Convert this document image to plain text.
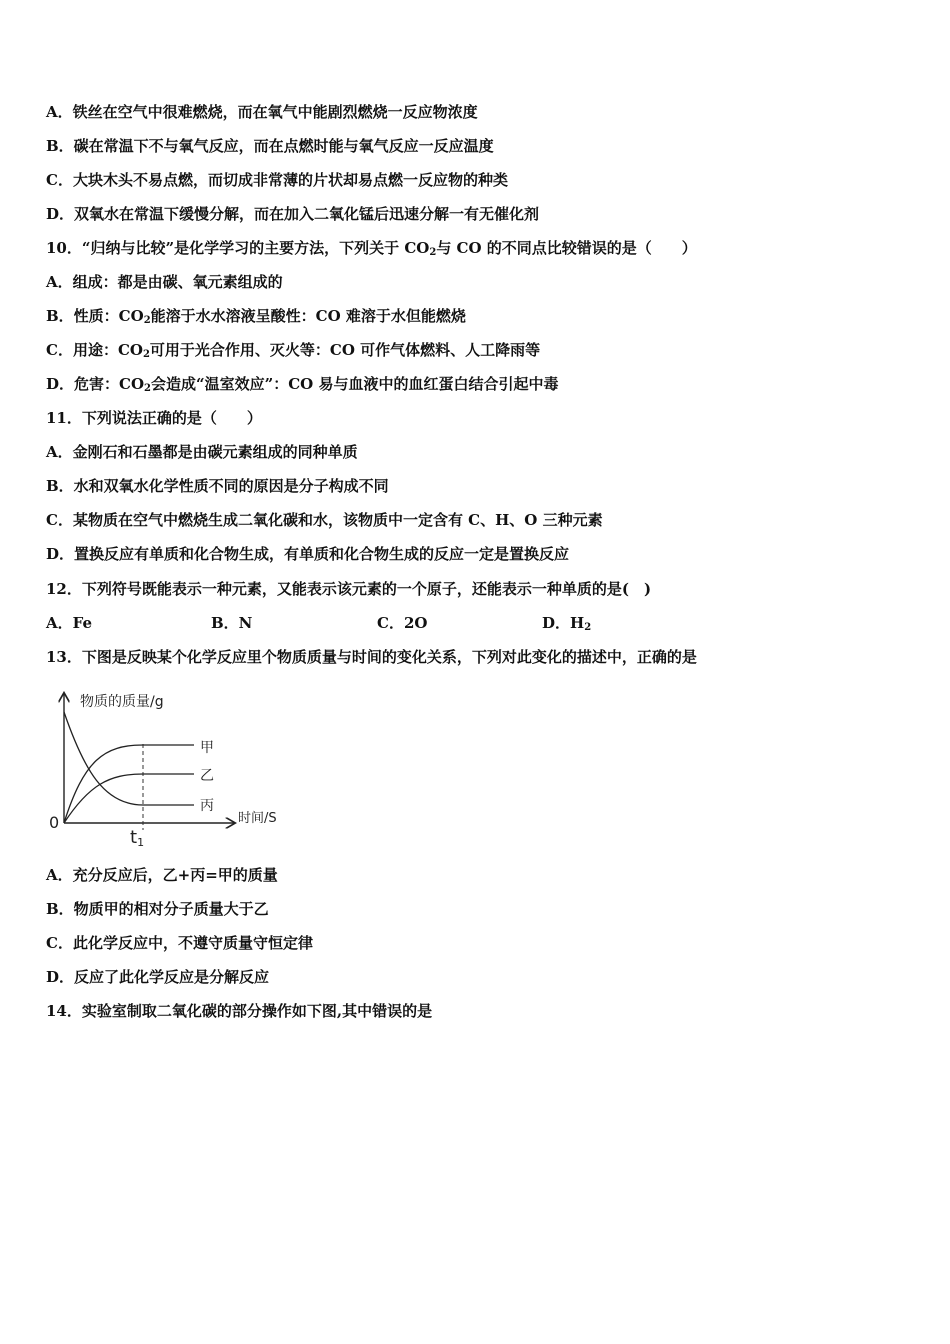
A．铁丝在空气中很难燃烧，而在氧气中能剧烈燃烧一反应物浓度
B．碳在常温下不与氧气反应，而在点燃时能与氧气反应一反应温度
C．大块木头不易点燃，而切成非常薄的片状却易点燃一反应物的种类
D．双氧水在常温下缓慢分解，而在加入二氧化锰后迅速分解一有无催化剂
10．“归纳与比较”是化学学习的主要方法，下列关于 $CO_2$与 CO 的不同点比较错误的是（　　）
A．组成：都是由碳、氧元素组成的
B．性质：$CO_2$能溶于水水溶液呈酸性：CO 难溶于水但能燃烧
C．用途：$CO_2$可用于光合作用、灭火等：CO 可作气体燃料、人工降雨等
D．危害：$CO_2$会造成“温室效应”：CO 易与血液中的血红蛋白结合引起中毒
11．下列说法正确的是（　　）
A．金刚石和石墨都是由碳元素组成的同种单质
B．水和双氧水化学性质不同的原因是分子构成不同
C．某物质在空气中燃烧生成二氧化碳和水，该物质中一定含有 C、H、O 三种元素
D．置换反应有单质和化合物生成，有单质和化合物生成的反应一定是置换反应
12．下列符号既能表示一种元素，又能表示该元素的一个原子，还能表示一种单质的是(　)
A．Fe	B．N	C．2O	D．$H_2$
13．下图是反映某个化学反应里个物质质量与时间的变化关系，下列对此变化的描述中，正确的是
物质的质量/g
时间/S
0
t1
甲
乙
丙
A．充分反应后，乙+丙=甲的质量
B．物质甲的相对分子质量大于乙
C．此化学反应中，不遵守质量守恒定律
D．反应了此化学反应是分解反应
14．实验室制取二氧化碳的部分操作如下图,其中错误的是
